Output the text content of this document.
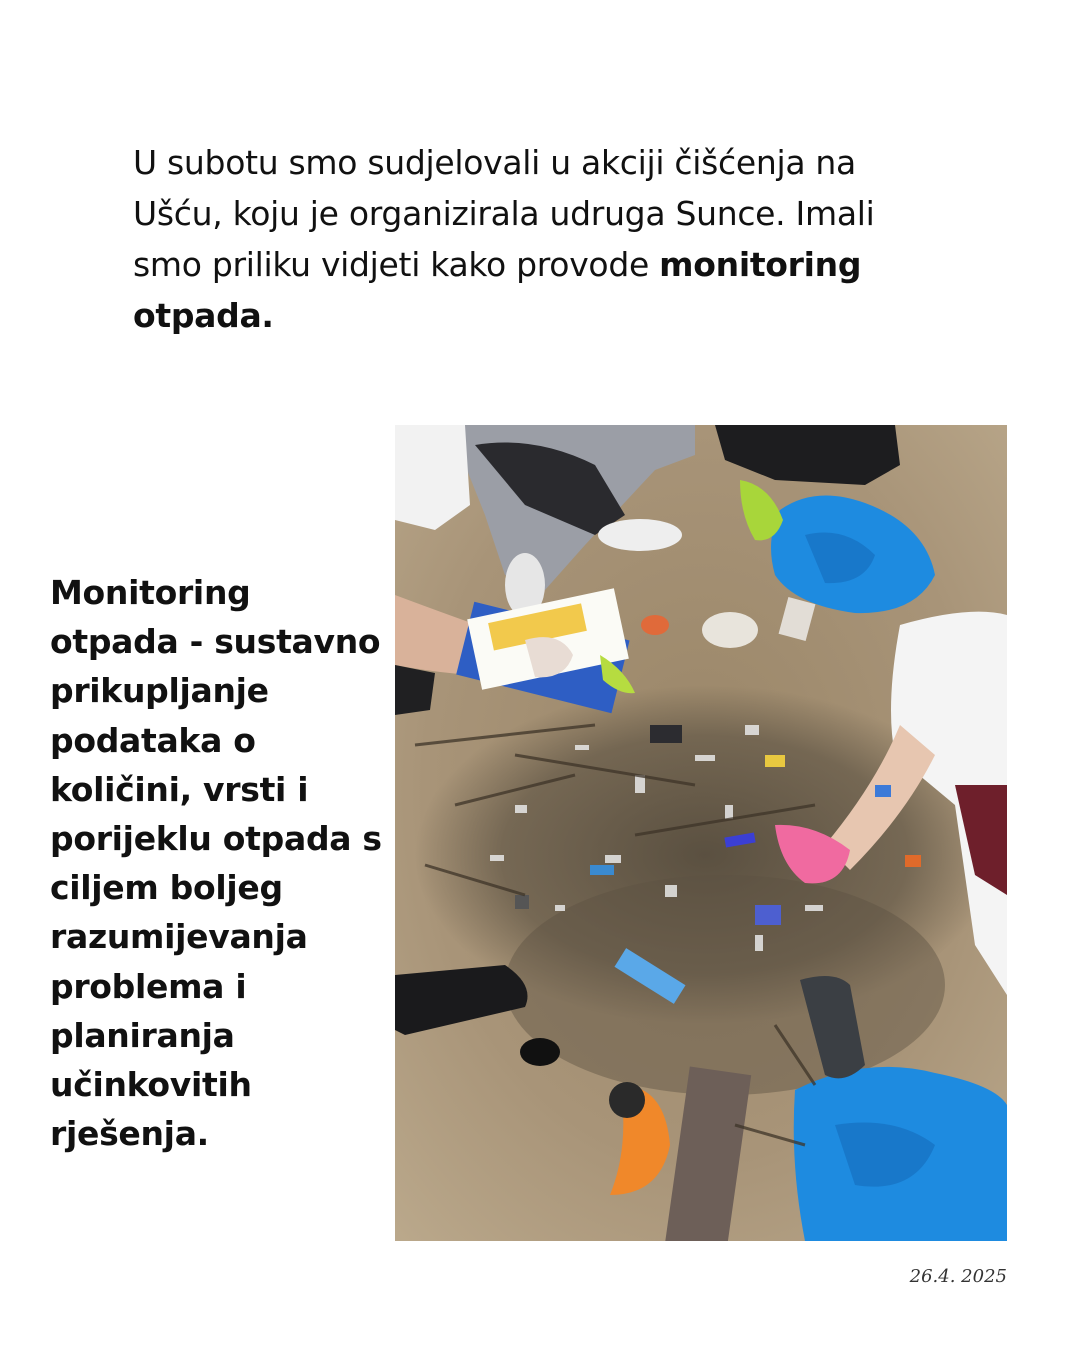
U subotu smo sudjelovali u akciji čišćenja na Ušću, koju je organizirala udruga Sunce. Imali smo priliku vidjeti kako provode monitoring otpada.

Monitoring otpada - sustavno prikupljanje podataka o količini, vrsti i porijeklu otpada s ciljem boljeg razumijevanja problema i planiranja učinkovitih rješenja.
26.4. 2025
